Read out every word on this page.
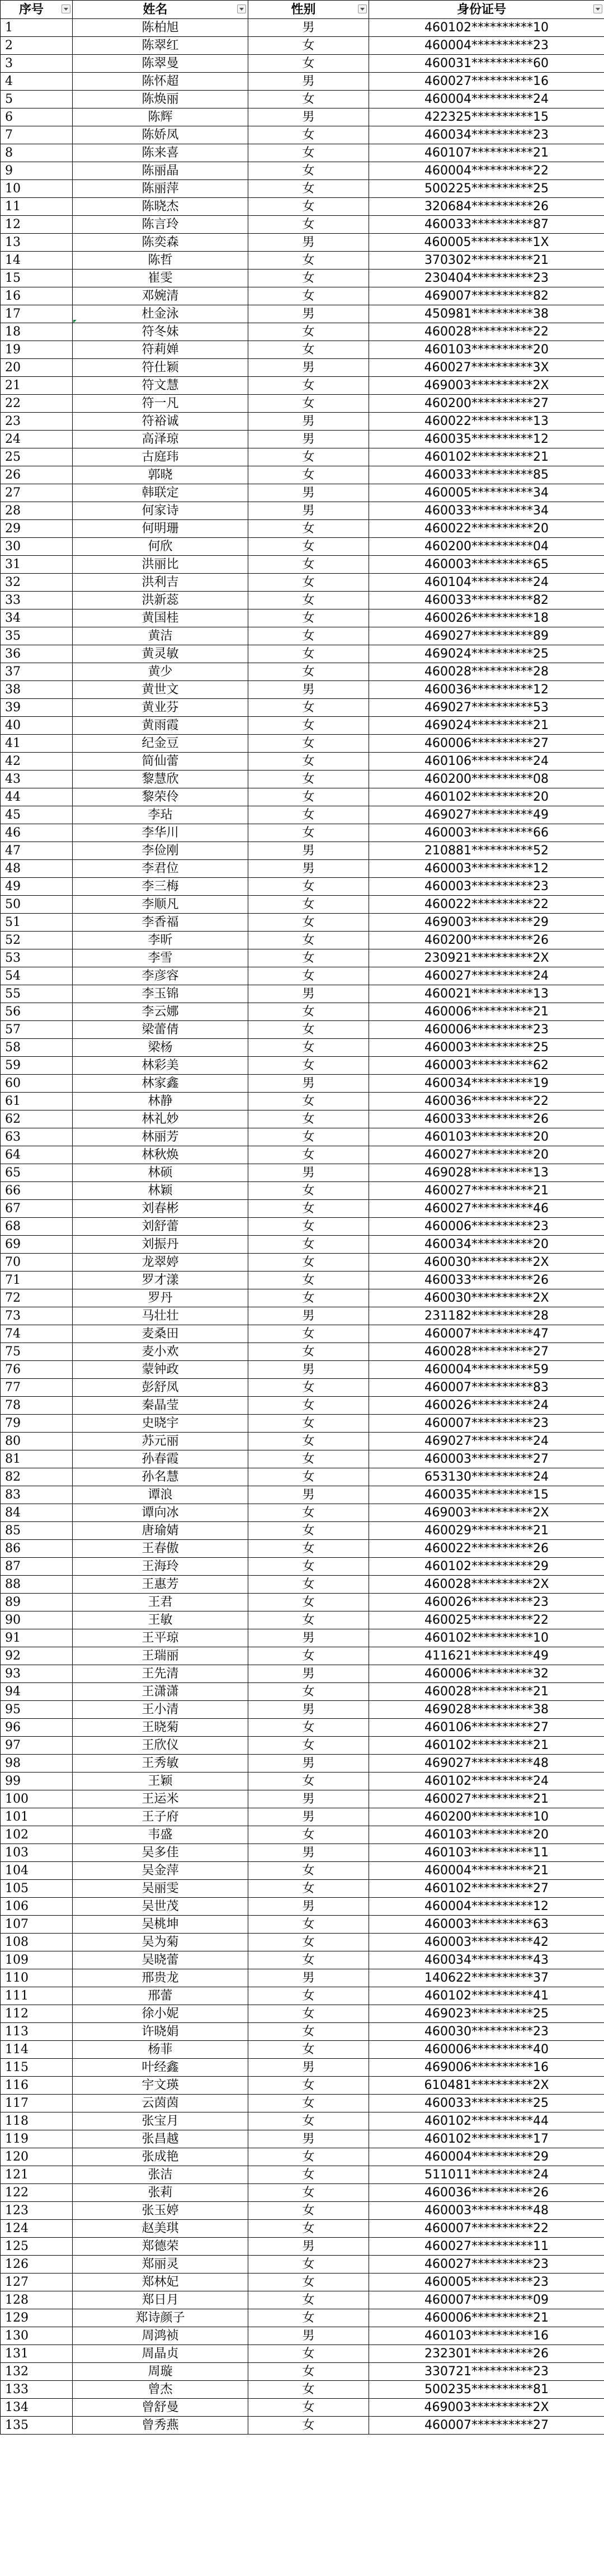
序号	姓名	性别	身份证号

1	陈柏旭	男	460102**********10
2	陈翠红	女	460004**********23
3	陈翠曼	女	460031**********60
4	陈怀超	男	460027**********16
5	陈焕丽	女	460004**********24
6	陈辉	男	422325**********15
7	陈娇凤	女	460034**********23
8	陈来喜	女	460107**********21
9	陈丽晶	女	460004**********22
10	陈丽萍	女	500225**********25
11	陈晓杰	女	320684**********26
12	陈言玲	女	460033**********87
13	陈奕森	男	460005**********1X
14	陈哲	女	370302**********21
15	崔雯	女	230404**********23
16	邓婉清	女	469007**********82
17	杜金泳	男	450981**********38
18	符冬妹	女	460028**********22
19	符莉婵	女	460103**********20
20	符仕颖	男	460027**********3X
21	符文慧	女	469003**********2X
22	符一凡	女	460200**********27
23	符裕诚	男	460022**********13
24	高泽琼	男	460035**********12
25	古庭玮	女	460102**********21
26	郭晓	女	460033**********85
27	韩联定	男	460005**********34
28	何家诗	男	460033**********34
29	何明珊	女	460022**********20
30	何欣	女	460200**********04
31	洪丽比	女	460003**********65
32	洪利吉	女	460104**********24
33	洪新蕊	女	460033**********82
34	黄国桂	女	460026**********18
35	黄洁	女	469027**********89
36	黄灵敏	女	469024**********25
37	黄少	女	460028**********28
38	黄世文	男	460036**********12
39	黄业芬	女	469027**********53
40	黄雨霞	女	469024**********21
41	纪金豆	女	460006**********27
42	简仙蕾	女	460106**********24
43	黎慧欣	女	460200**********08
44	黎荣伶	女	460102**********20
45	李玷	女	469027**********49
46	李华川	女	460003**********66
47	李俭刚	男	210881**********52
48	李君位	男	460003**********12
49	李三梅	女	460003**********23
50	李顺凡	女	460022**********22
51	李香福	女	469003**********29
52	李昕	女	460200**********26
53	李雪	女	230921**********2X
54	李彦容	女	460027**********24
55	李玉锦	男	460021**********13
56	李云娜	女	460006**********21
57	梁蕾倩	女	460006**********23
58	梁杨	女	460003**********25
59	林彩美	女	460003**********62
60	林家鑫	男	460034**********19
61	林静	女	460036**********22
62	林礼妙	女	460033**********26
63	林丽芳	女	460103**********20
64	林秋焕	女	460027**********20
65	林硕	男	469028**********13
66	林颖	女	460027**********21
67	刘春彬	女	460027**********46
68	刘舒蕾	女	460006**********23
69	刘振丹	女	460034**********20
70	龙翠婷	女	460030**********2X
71	罗才漾	女	460033**********26
72	罗丹	女	460030**********2X
73	马壮壮	男	231182**********28
74	麦桑田	女	460007**********47
75	麦小欢	女	460028**********27
76	蒙钟政	男	460004**********59
77	彭舒凤	女	460007**********83
78	秦晶莹	女	460026**********24
79	史晓宇	女	460007**********23
80	苏元丽	女	469027**********24
81	孙春霞	女	460003**********27
82	孙名慧	女	653130**********24
83	谭浪	男	460035**********15
84	谭向冰	女	469003**********2X
85	唐瑜婧	女	460029**********21
86	王春傲	女	460022**********26
87	王海玲	女	460102**********29
88	王惠芳	女	460028**********2X
89	王君	女	460026**********23
90	王敏	女	460025**********22
91	王平琼	男	460102**********10
92	王瑞丽	女	411621**********49
93	王先清	男	460006**********32
94	王潇潇	女	460028**********21
95	王小清	男	469028**********38
96	王晓菊	女	460106**********27
97	王欣仪	女	460102**********21
98	王秀敏	男	469027**********48
99	王颖	女	460102**********24
100	王运米	男	460027**********21
101	王子府	男	460200**********10
102	韦盛	女	460103**********20
103	吴多佳	男	460103**********11
104	吴金萍	女	460004**********21
105	吴丽雯	女	460102**********27
106	吴世茂	男	460004**********12
107	吴桃坤	女	460003**********63
108	吴为菊	女	460003**********42
109	吴晓蕾	女	460034**********43
110	邢贵龙	男	140622**********37
111	邢蕾	女	460102**********41
112	徐小妮	女	469023**********25
113	许晓娟	女	460030**********23
114	杨菲	女	460006**********40
115	叶经鑫	男	469006**********16
116	宇文瑛	女	610481**********2X
117	云茵茵	女	460033**********25
118	张宝月	女	460102**********44
119	张昌越	男	460102**********17
120	张成艳	女	460004**********29
121	张洁	女	511011**********24
122	张莉	女	460036**********26
123	张玉婷	女	460003**********48
124	赵美琪	女	460007**********22
125	郑德荣	男	460027**********11
126	郑丽灵	女	460027**********23
127	郑林妃	女	460005**********23
128	郑日月	女	460007**********09
129	郑诗颜子	女	460006**********21
130	周鸿祯	男	460103**********16
131	周晶贞	女	232301**********26
132	周璇	女	330721**********23
133	曾杰	女	500235**********81
134	曾舒曼	女	469003**********2X
135	曾秀燕	女	460007**********27
